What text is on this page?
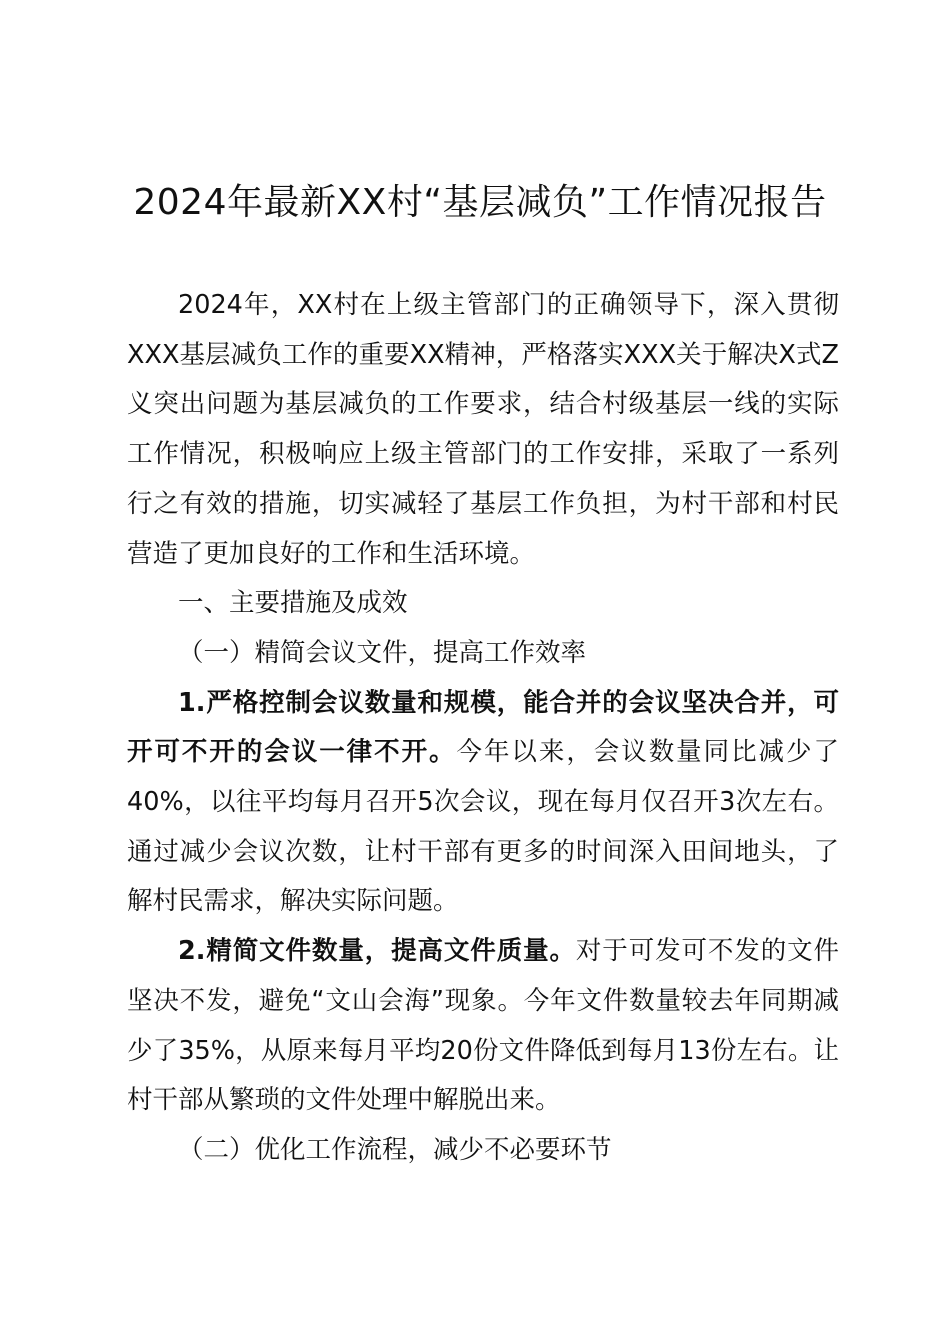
2024年最新XX村“基层减负”工作情况报告

2024年，XX村在上级主管部门的正确领导下，深入贯彻XXX基层减负工作的重要XX精神，严格落实XXX关于解决X式Z义突出问题为基层减负的工作要求，结合村级基层一线的实际工作情况，积极响应上级主管部门的工作安排，采取了一系列行之有效的措施，切实减轻了基层工作负担，为村干部和村民营造了更加良好的工作和生活环境。

一、主要措施及成效

（一）精简会议文件，提高工作效率

1.严格控制会议数量和规模，能合并的会议坚决合并，可开可不开的会议一律不开。今年以来，会议数量同比减少了40%，以往平均每月召开5次会议，现在每月仅召开3次左右。通过减少会议次数，让村干部有更多的时间深入田间地头，了解村民需求，解决实际问题。

2.精简文件数量，提高文件质量。对于可发可不发的文件坚决不发，避免“文山会海”现象。今年文件数量较去年同期减少了35%，从原来每月平均20份文件降低到每月13份左右。让村干部从繁琐的文件处理中解脱出来。

（二）优化工作流程，减少不必要环节
